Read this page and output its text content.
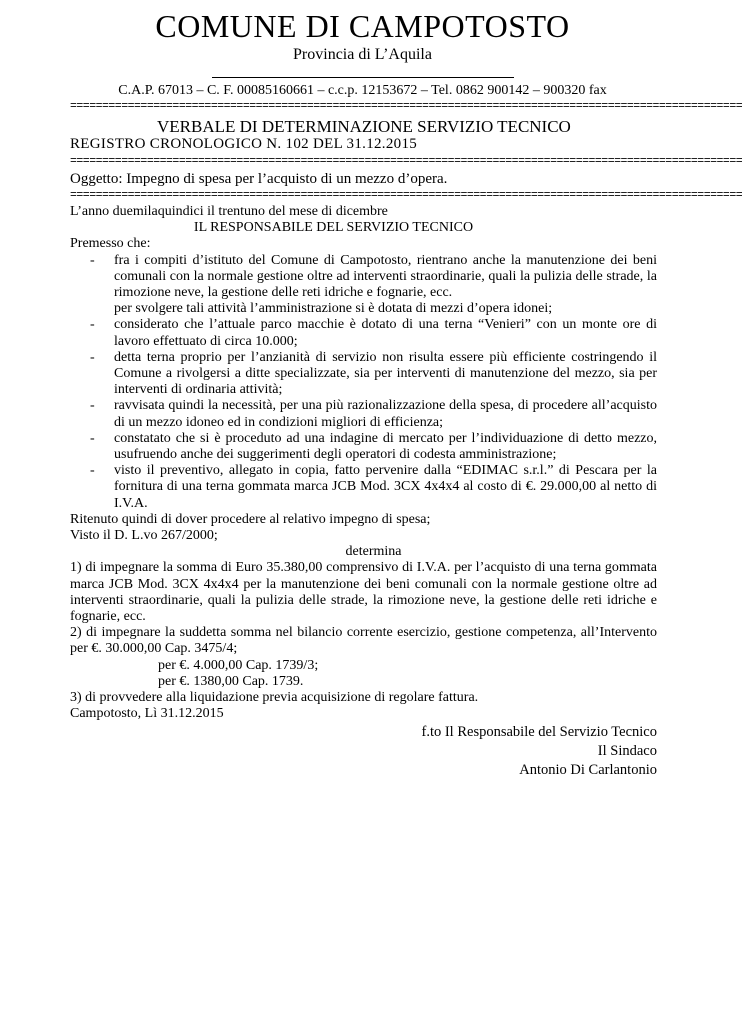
COMUNE DI CAMPOTOSTO
Provincia di L’Aquila
C.A.P. 67013 – C. F. 00085160661 – c.c.p. 12153672 – Tel. 0862 900142 – 900320 fax
=========================================================================================================
VERBALE DI DETERMINAZIONE SERVIZIO TECNICO
REGISTRO CRONOLOGICO N. 102 DEL 31.12.2015
=========================================================================================================
Oggetto: Impegno di spesa per l’acquisto di un mezzo d’opera.
=========================================================================================================

L’anno duemilaquindici il trentuno del mese di dicembre

IL RESPONSABILE DEL SERVIZIO TECNICO

Premesso che:

- fra i compiti d’istituto del Comune di Campotosto, rientrano anche la manutenzione dei beni comunali con la normale gestione oltre ad interventi straordinarie, quali la pulizia delle strade, la rimozione neve, la gestione delle reti idriche e fognarie, ecc.
per svolgere tali attività l’amministrazione si è dotata di mezzi d’opera idonei;
- considerato che l’attuale parco macchie è dotato di una terna “Venieri” con un monte ore di lavoro effettuato di circa 10.000;
- detta terna proprio per l’anzianità di servizio non risulta essere più efficiente costringendo il Comune a rivolgersi a ditte specializzate, sia per interventi di manutenzione del mezzo, sia per interventi di ordinaria attività;
- ravvisata quindi la necessità, per una più razionalizzazione della spesa, di procedere all’acquisto di un mezzo idoneo ed in condizioni migliori di efficienza;
- constatato che si è proceduto ad una indagine di mercato per l’individuazione di detto mezzo, usufruendo anche dei suggerimenti degli operatori di codesta amministrazione;
- visto il preventivo, allegato in copia, fatto pervenire dalla “EDIMAC s.r.l.” di Pescara per la fornitura di una terna gommata marca JCB Mod. 3CX 4x4x4 al costo di €. 29.000,00 al netto di I.V.A.

Ritenuto quindi di dover procedere al relativo impegno di spesa;

Visto il D. L.vo 267/2000;

determina

1) di impegnare la somma di Euro 35.380,00 comprensivo di I.V.A. per l’acquisto di una terna gommata marca JCB Mod. 3CX 4x4x4 per la manutenzione dei beni comunali con la normale gestione oltre ad interventi straordinarie, quali la pulizia delle strade, la rimozione neve, la gestione delle reti idriche e fognarie, ecc.

2) di impegnare la suddetta somma nel bilancio corrente esercizio, gestione competenza, all’Intervento per €. 30.000,00 Cap. 3475/4;

per €. 4.000,00 Cap. 1739/3;

per €. 1380,00 Cap. 1739.

3) di provvedere alla liquidazione previa acquisizione di regolare fattura.

Campotosto, Lì 31.12.2015

f.to Il Responsabile del Servizio Tecnico
Il Sindaco
Antonio Di Carlantonio
